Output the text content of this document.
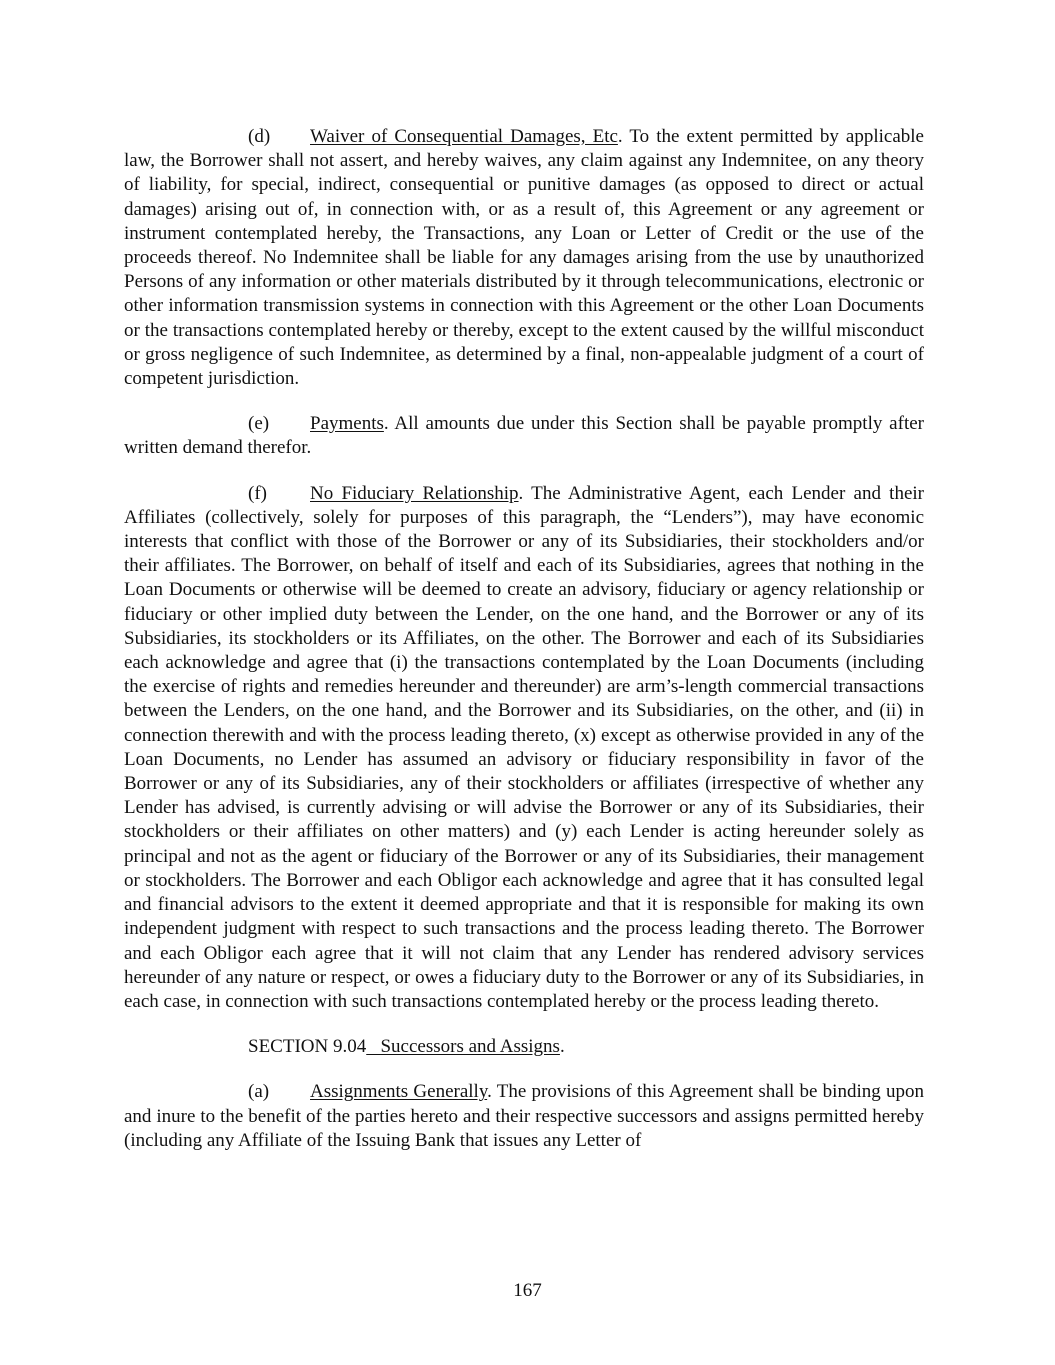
(d) Waiver of Consequential Damages, Etc. To the extent permitted by applicable law, the Borrower shall not assert, and hereby waives, any claim against any Indemnitee, on any theory of liability, for special, indirect, consequential or punitive damages (as opposed to direct or actual damages) arising out of, in connection with, or as a result of, this Agreement or any agreement or instrument contemplated hereby, the Transactions, any Loan or Letter of Credit or the use of the proceeds thereof. No Indemnitee shall be liable for any damages arising from the use by unauthorized Persons of any information or other materials distributed by it through telecommunications, electronic or other information transmission systems in connection with this Agreement or the other Loan Documents or the transactions contemplated hereby or thereby, except to the extent caused by the willful misconduct or gross negligence of such Indemnitee, as determined by a final, non-appealable judgment of a court of competent jurisdiction.

(e) Payments. All amounts due under this Section shall be payable promptly after written demand therefor.

(f) No Fiduciary Relationship. The Administrative Agent, each Lender and their Affiliates (collectively, solely for purposes of this paragraph, the “Lenders”), may have economic interests that conflict with those of the Borrower or any of its Subsidiaries, their stockholders and/or their affiliates. The Borrower, on behalf of itself and each of its Subsidiaries, agrees that nothing in the Loan Documents or otherwise will be deemed to create an advisory, fiduciary or agency relationship or fiduciary or other implied duty between the Lender, on the one hand, and the Borrower or any of its Subsidiaries, its stockholders or its Affiliates, on the other. The Borrower and each of its Subsidiaries each acknowledge and agree that (i) the transactions contemplated by the Loan Documents (including the exercise of rights and remedies hereunder and thereunder) are arm’s-length commercial transactions between the Lenders, on the one hand, and the Borrower and its Subsidiaries, on the other, and (ii) in connection therewith and with the process leading thereto, (x) except as otherwise provided in any of the Loan Documents, no Lender has assumed an advisory or fiduciary responsibility in favor of the Borrower or any of its Subsidiaries, any of their stockholders or affiliates (irrespective of whether any Lender has advised, is currently advising or will advise the Borrower or any of its Subsidiaries, their stockholders or their affiliates on other matters) and (y) each Lender is acting hereunder solely as principal and not as the agent or fiduciary of the Borrower or any of its Subsidiaries, their management or stockholders. The Borrower and each Obligor each acknowledge and agree that it has consulted legal and financial advisors to the extent it deemed appropriate and that it is responsible for making its own independent judgment with respect to such transactions and the process leading thereto. The Borrower and each Obligor each agree that it will not claim that any Lender has rendered advisory services hereunder of any nature or respect, or owes a fiduciary duty to the Borrower or any of its Subsidiaries, in each case, in connection with such transactions contemplated hereby or the process leading thereto.

SECTION 9.04 Successors and Assigns.

(a) Assignments Generally. The provisions of this Agreement shall be binding upon and inure to the benefit of the parties hereto and their respective successors and assigns permitted hereby (including any Affiliate of the Issuing Bank that issues any Letter of

167
